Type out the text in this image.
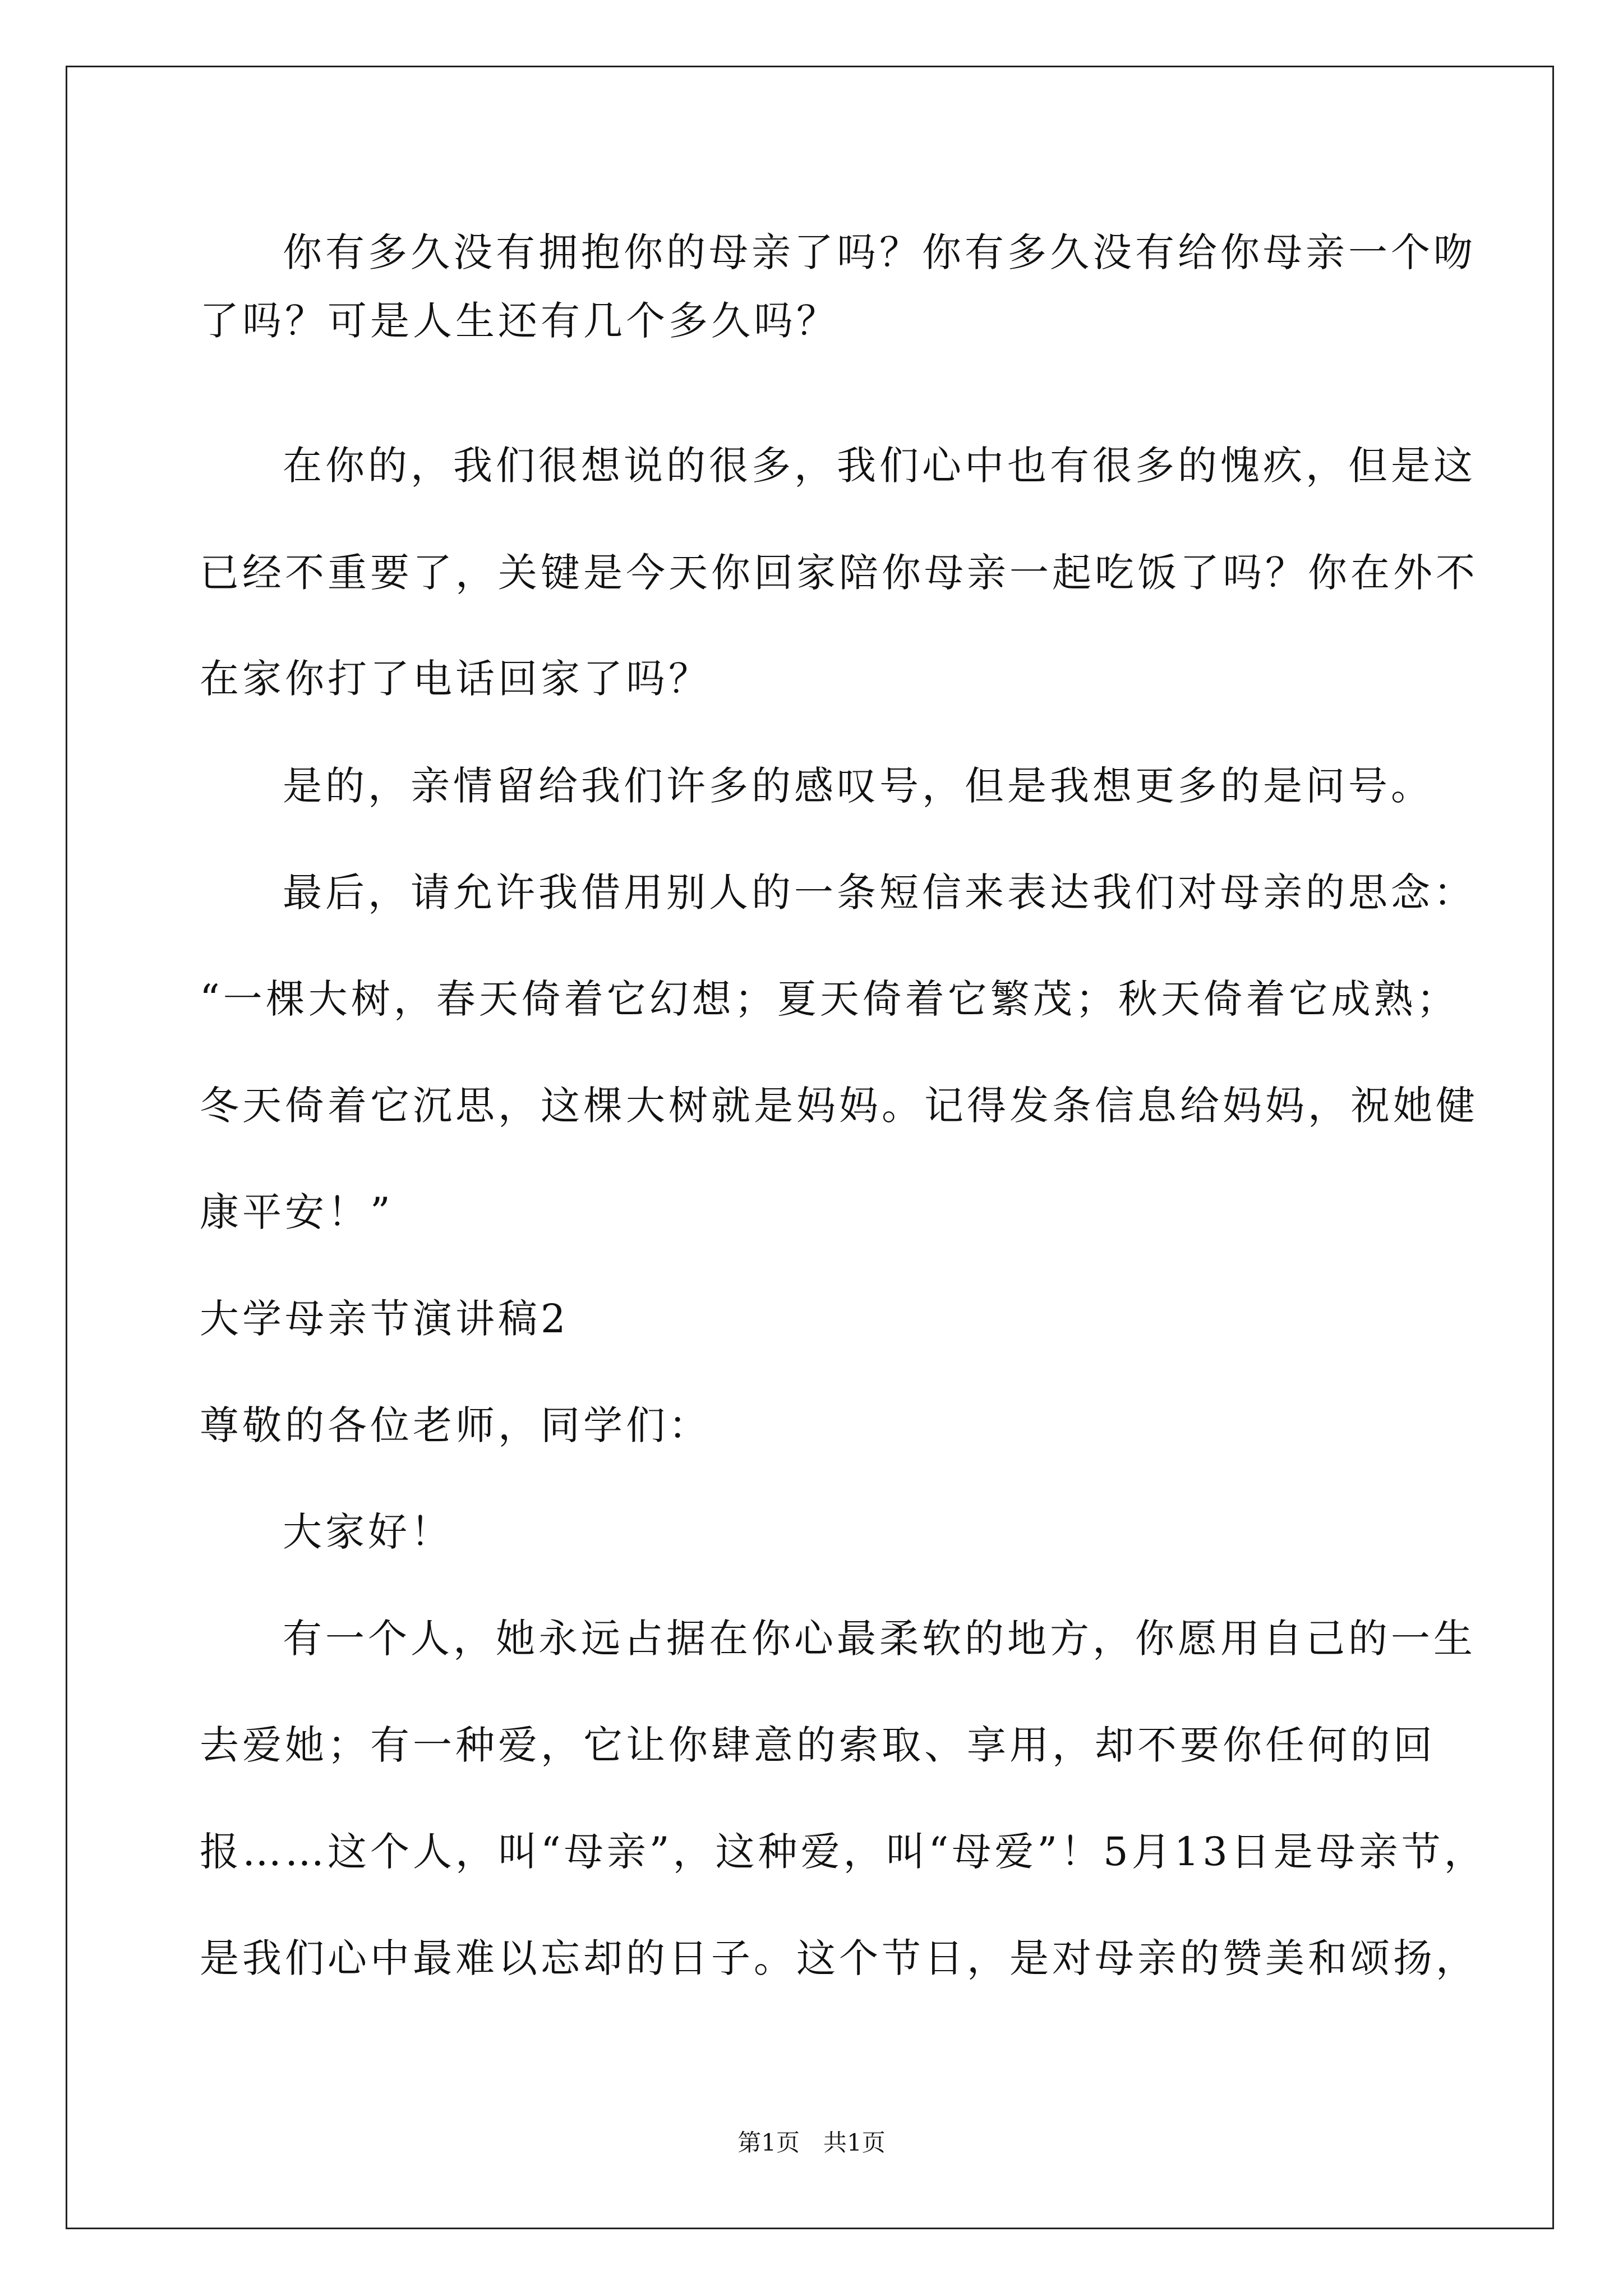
你有多久没有拥抱你的母亲了吗？你有多久没有给你母亲一个吻
了吗？可是人生还有几个多久吗？
在你的，我们很想说的很多，我们心中也有很多的愧疚，但是这
已经不重要了，关键是今天你回家陪你母亲一起吃饭了吗？你在外不
在家你打了电话回家了吗？
是的，亲情留给我们许多的感叹号，但是我想更多的是问号。
最后，请允许我借用别人的一条短信来表达我们对母亲的思念：
“一棵大树，春天倚着它幻想；夏天倚着它繁茂；秋天倚着它成熟；
冬天倚着它沉思，这棵大树就是妈妈。记得发条信息给妈妈，祝她健
康平安！”
大学母亲节演讲稿2
尊敬的各位老师，同学们：
大家好！
有一个人，她永远占据在你心最柔软的地方，你愿用自己的一生
去爱她；有一种爱，它让你肆意的索取、享用，却不要你任何的回
报……这个人，叫“母亲”，这种爱，叫“母爱”！5月13日是母亲节，
是我们心中最难以忘却的日子。这个节日，是对母亲的赞美和颂扬，
第1页　共1页
